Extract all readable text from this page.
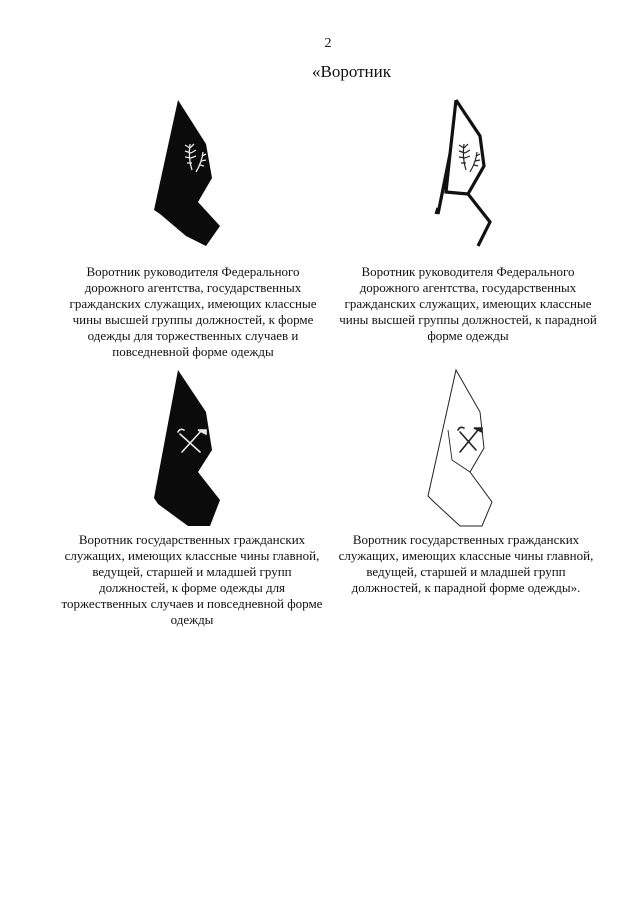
2
«Воротник
Воротник руководителя Федерального дорожного агентства, государственных гражданских служащих, имеющих классные чины высшей группы должностей, к форме одежды для торжественных случаев и повседневной форме одежды
Воротник руководителя Федерального дорожного агентства, государственных гражданских служащих, имеющих классные чины высшей группы должностей, к парадной форме одежды
Воротник государственных гражданских служащих, имеющих классные чины главной, ведущей, старшей и младшей групп должностей, к форме одежды для торжественных случаев и повседневной форме одежды
Воротник государственных гражданских служащих, имеющих классные чины главной, ведущей, старшей и младшей групп должностей, к парадной форме одежды».
